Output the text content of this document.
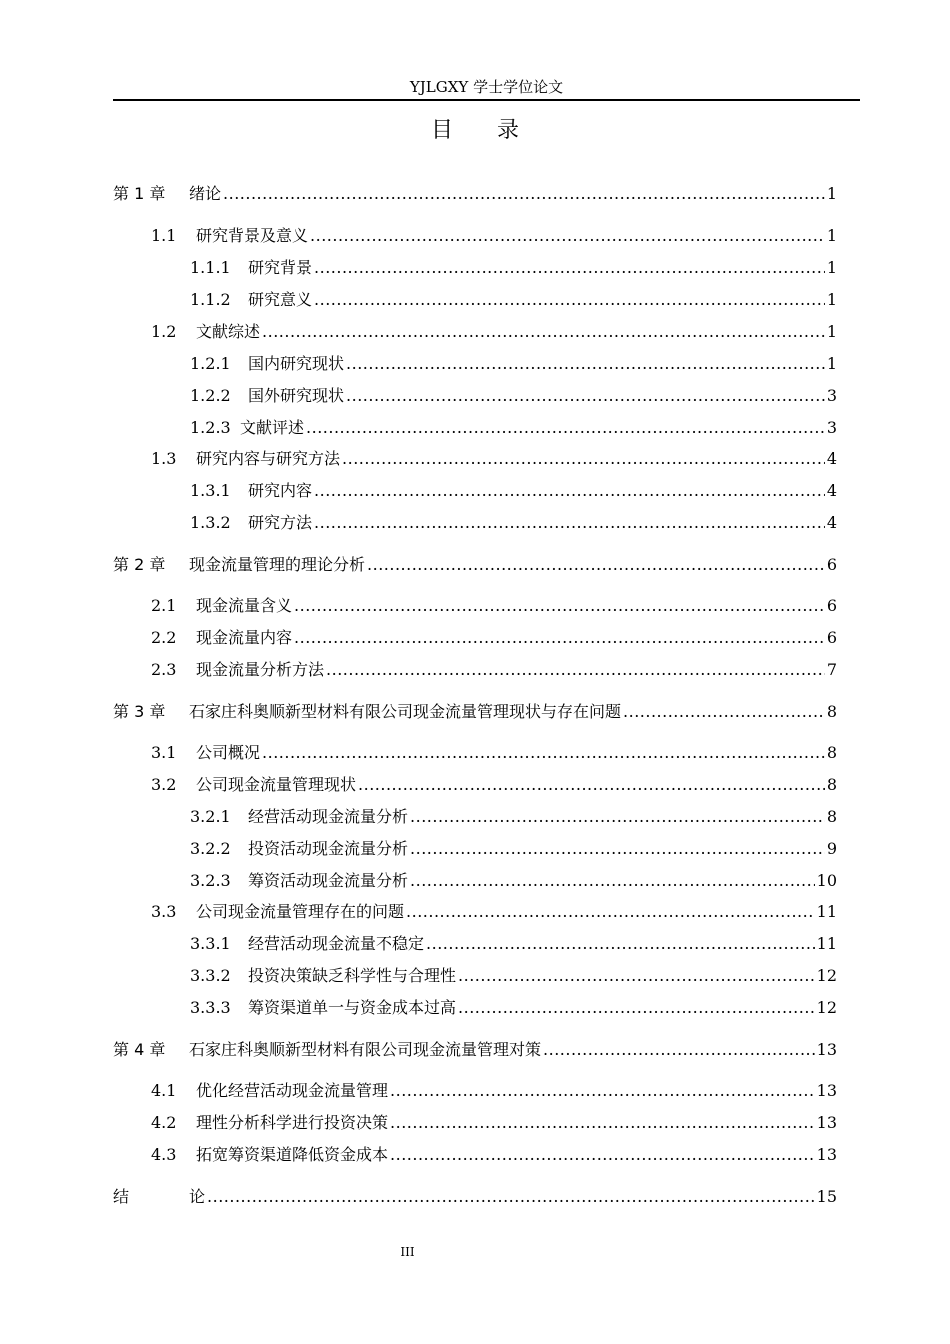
YJLGXY 学士学位论文
目 录
第 1 章	绪论 .....	1
1.1	研究背景及意义 .....	1
1.1.1	研究背景 .....	1
1.1.2	研究意义 .....	1
1.2	文献综述 .....	1
1.2.1	国内研究现状 .....	1
1.2.2	国外研究现状 .....	3
1.2.3 文献评述 .....	3
1.3	研究内容与研究方法 .....	4
1.3.1	研究内容 .....	4
1.3.2	研究方法 .....	4
第 2 章	现金流量管理的理论分析 .....	6
2.1	现金流量含义 .....	6
2.2	现金流量内容 .....	6
2.3	现金流量分析方法 .....	7
第 3 章	石家庄科奥顺新型材料有限公司现金流量管理现状与存在问题 .....	8
3.1	公司概况 .....	8
3.2	公司现金流量管理现状 .....	8
3.2.1	经营活动现金流量分析 .....	8
3.2.2	投资活动现金流量分析 .....	9
3.2.3	筹资活动现金流量分析 .....	10
3.3	公司现金流量管理存在的问题 .....	11
3.3.1	经营活动现金流量不稳定 .....	11
3.3.2	投资决策缺乏科学性与合理性 .....	12
3.3.3	筹资渠道单一与资金成本过高 .....	12
第 4 章	石家庄科奥顺新型材料有限公司现金流量管理对策 .....	13
4.1	优化经营活动现金流量管理 .....	13
4.2	理性分析科学进行投资决策 .....	13
4.3	拓宽筹资渠道降低资金成本 .....	13
结	论 .....	15
III
